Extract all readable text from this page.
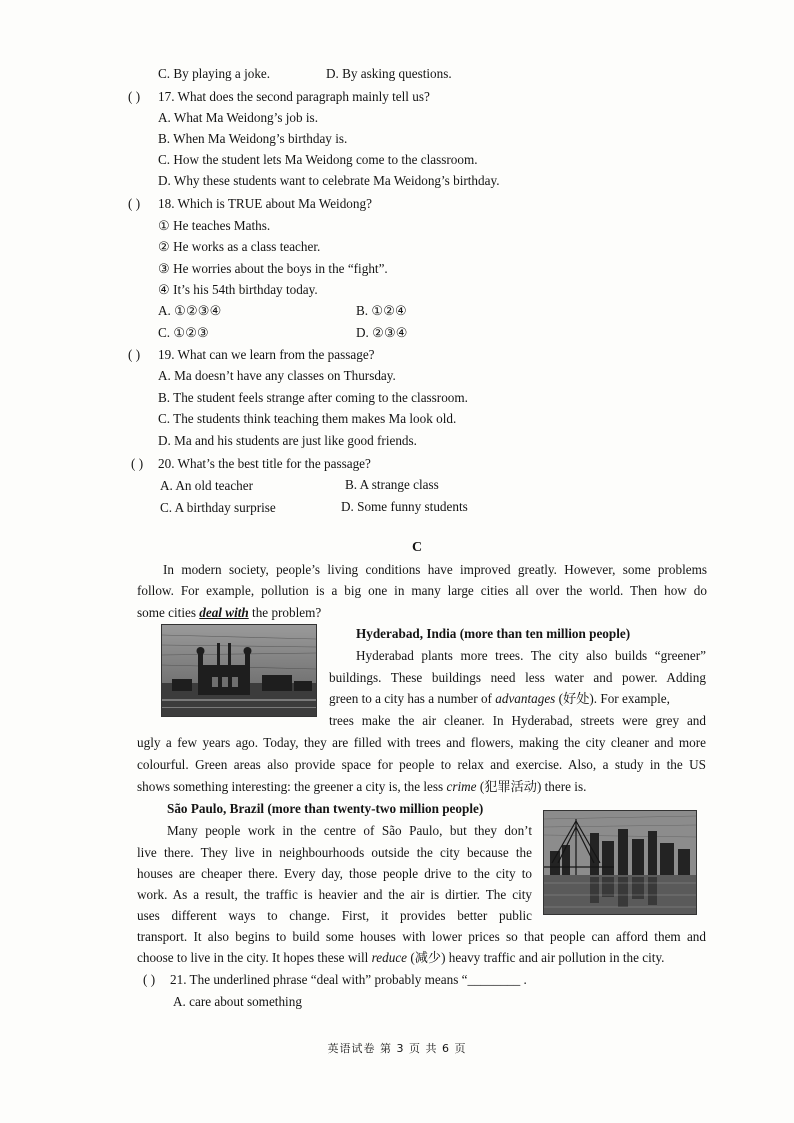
C. By playing a joke.	D. By asking questions.
( ) 17. What does the second paragraph mainly tell us?
A. What Ma Weidong’s job is.
B. When Ma Weidong’s birthday is.
C. How the student lets Ma Weidong come to the classroom.
D. Why these students want to celebrate Ma Weidong’s birthday.
( ) 18. Which is TRUE about Ma Weidong?
① He teaches Maths.
② He works as a class teacher.
③ He worries about the boys in the “fight”.
④ It’s his 54th birthday today.
A. ①②③④	B. ①②④
C. ①②③	D. ②③④
( ) 19. What can we learn from the passage?
A. Ma doesn’t have any classes on Thursday.
B. The student feels strange after coming to the classroom.
C. The students think teaching them makes Ma look old.
D. Ma and his students are just like good friends.
( ) 20. What’s the best title for the passage?
A. An old teacher	B. A strange class
C. A birthday surprise	D. Some funny students
C
In modern society, people’s living conditions have improved greatly. However, some problems
follow. For example, pollution is a big one in many large cities all over the world. Then how do
some cities deal with the problem?
Hyderabad, India (more than ten million people)
Hyderabad plants more trees. The city also builds “greener”
buildings. These buildings need less water and power. Adding
green to a city has a number of advantages (好处). For example,
trees make the air cleaner. In Hyderabad, streets were grey and
ugly a few years ago. Today, they are filled with trees and flowers, making the city cleaner and more
colourful. Green areas also provide space for people to relax and exercise. Also, a study in the US
shows something interesting: the greener a city is, the less crime (犯罪活动) there is.
São Paulo, Brazil (more than twenty-two million people)
Many people work in the centre of São Paulo, but they don’t
live there. They live in neighbourhoods outside the city because the
houses are cheaper there. Every day, those people drive to the city to
work. As a result, the traffic is heavier and the air is dirtier. The city
uses different ways to change. First, it provides better public
transport. It also begins to build some houses with lower prices so that people can afford them and
choose to live in the city. It hopes these will reduce (减少) heavy traffic and air pollution in the city.
( ) 21. The underlined phrase “deal with” probably means “________ .
A. care about something
英语试卷 第 3 页 共 6 页
